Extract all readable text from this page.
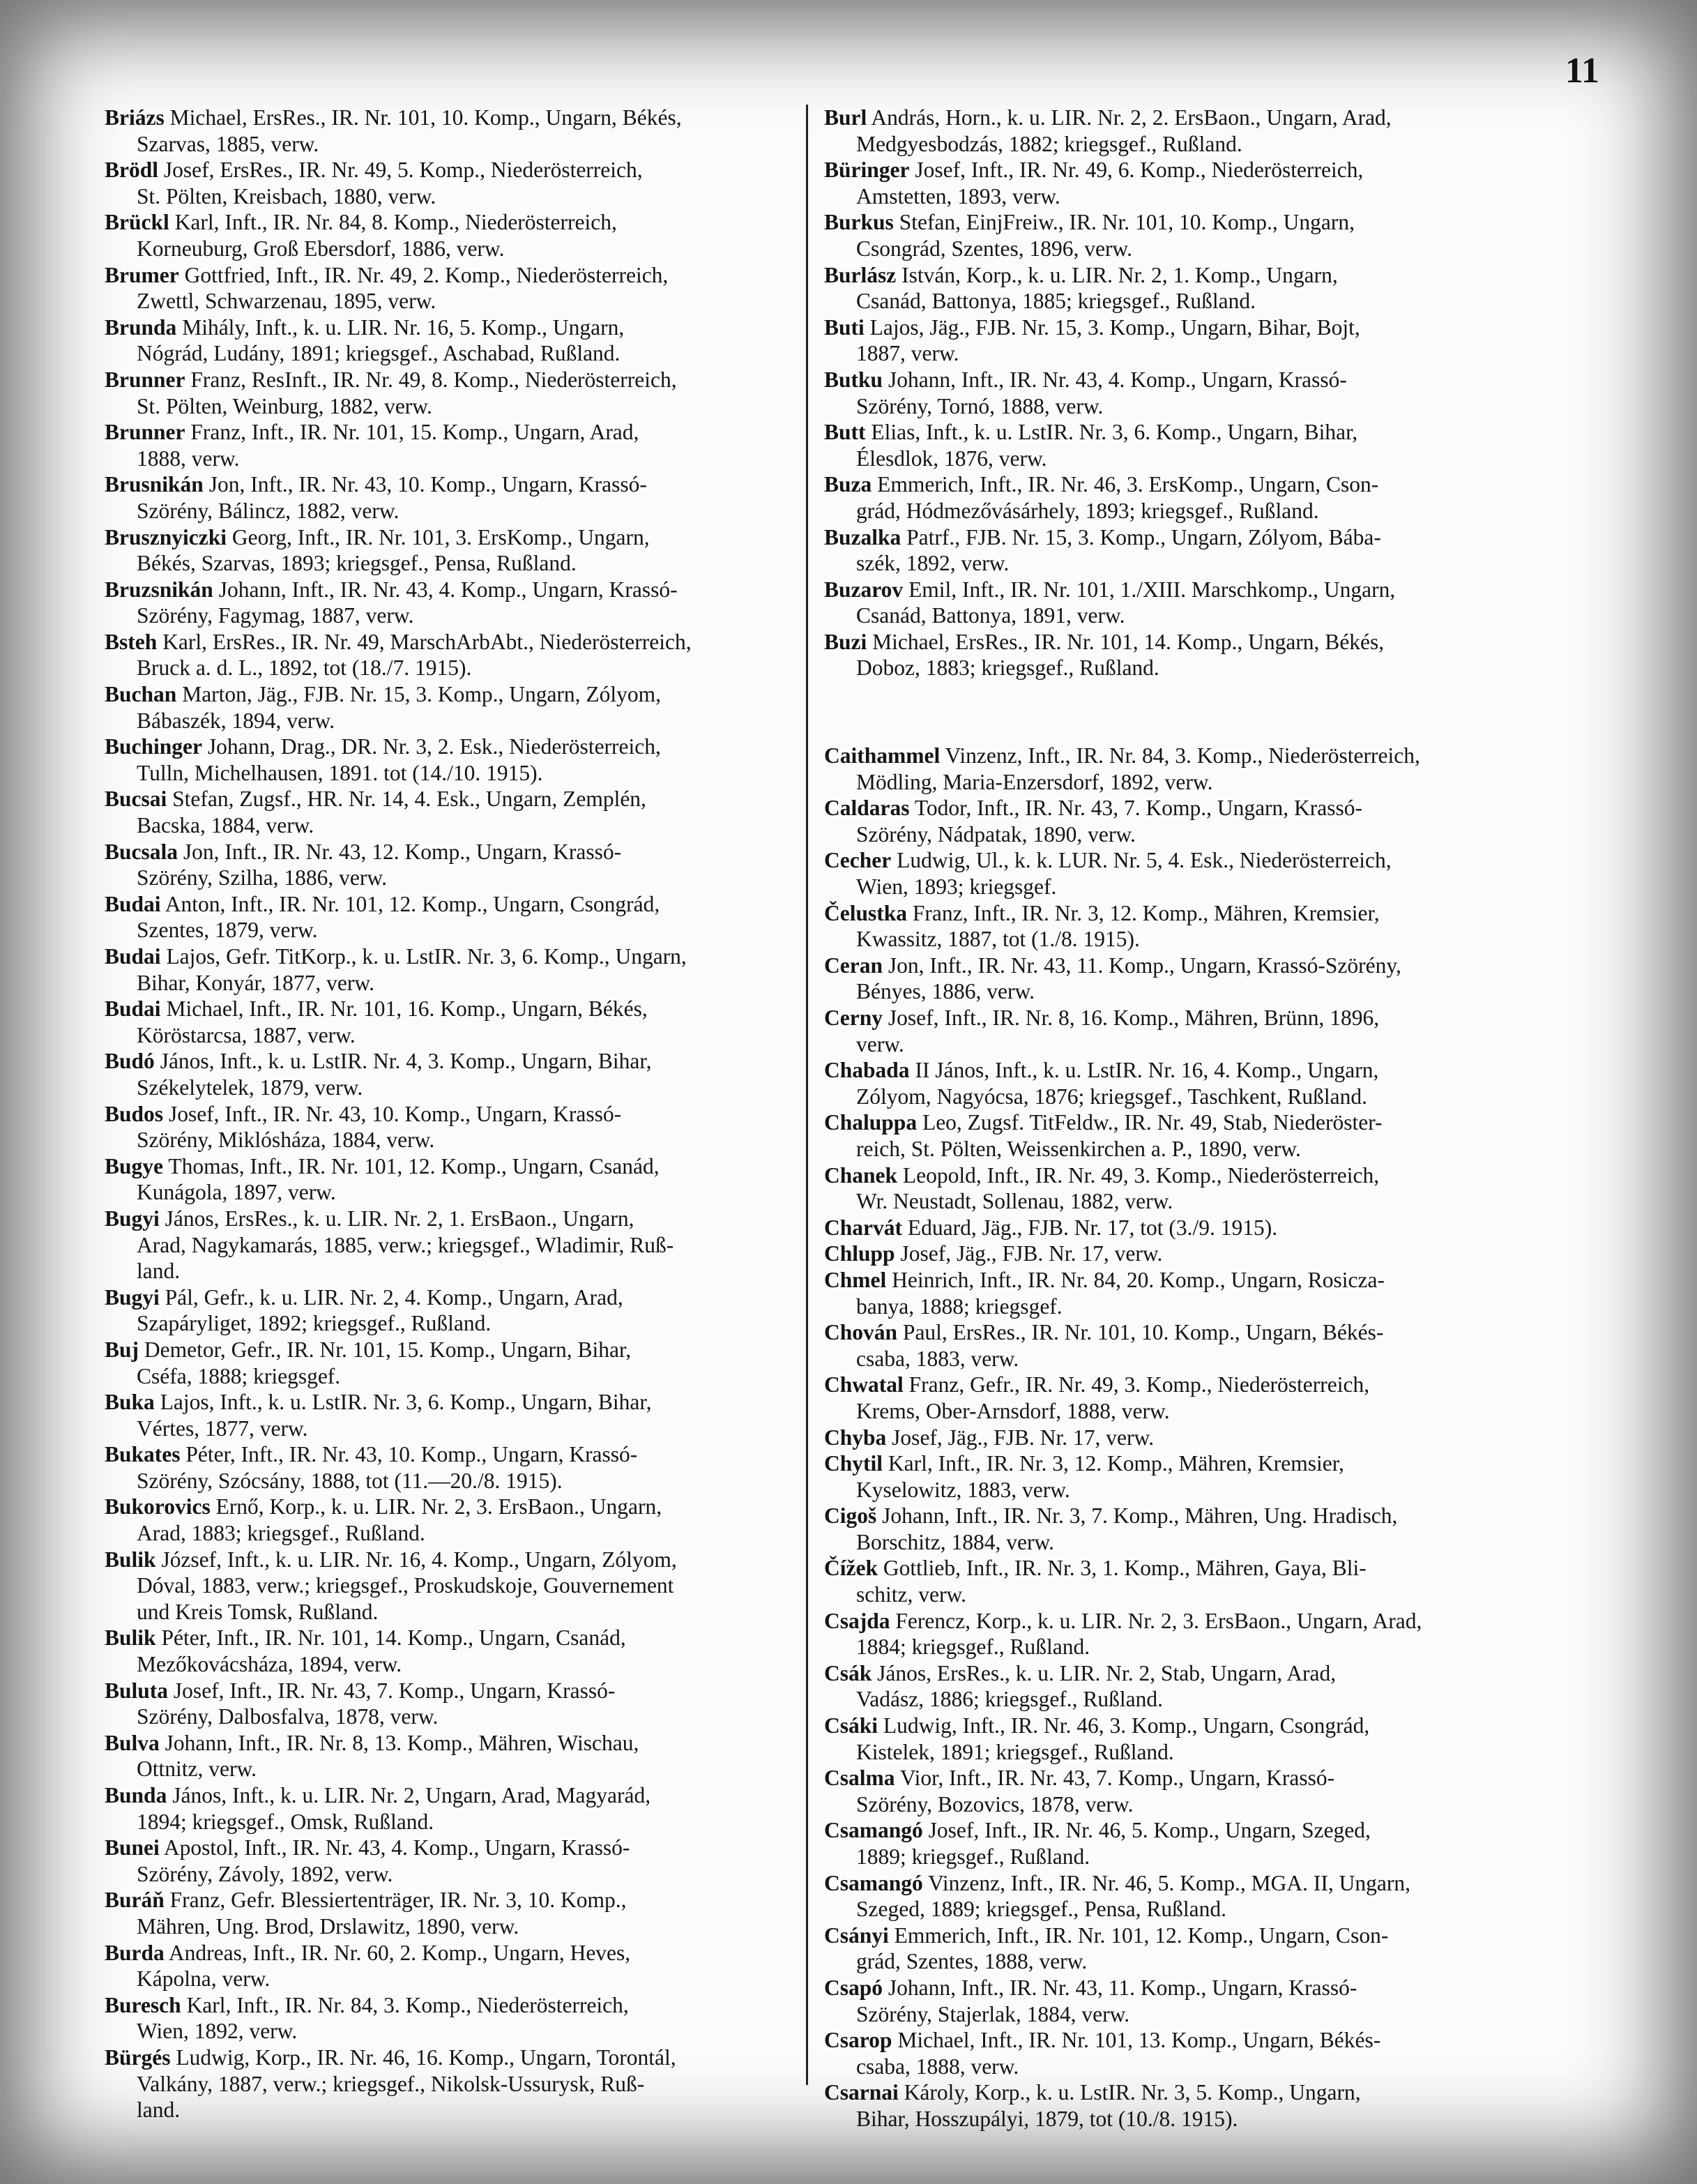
11
Briázs Michael, ErsRes., IR. Nr. 101, 10. Komp., Ungarn, Békés,
Szarvas, 1885, verw.
Brödl Josef, ErsRes., IR. Nr. 49, 5. Komp., Niederösterreich,
St. Pölten, Kreisbach, 1880, verw.
Brückl Karl, Inft., IR. Nr. 84, 8. Komp., Niederösterreich,
Korneuburg, Groß Ebersdorf, 1886, verw.
Brumer Gottfried, Inft., IR. Nr. 49, 2. Komp., Niederösterreich,
Zwettl, Schwarzenau, 1895, verw.
Brunda Mihály, Inft., k. u. LIR. Nr. 16, 5. Komp., Ungarn,
Nógrád, Ludány, 1891; kriegsgef., Aschabad, Rußland.
Brunner Franz, ResInft., IR. Nr. 49, 8. Komp., Niederösterreich,
St. Pölten, Weinburg, 1882, verw.
Brunner Franz, Inft., IR. Nr. 101, 15. Komp., Ungarn, Arad,
1888, verw.
Brusnikán Jon, Inft., IR. Nr. 43, 10. Komp., Ungarn, Krassó-
Szörény, Bálincz, 1882, verw.
Brusznyiczki Georg, Inft., IR. Nr. 101, 3. ErsKomp., Ungarn,
Békés, Szarvas, 1893; kriegsgef., Pensa, Rußland.
Bruzsnikán Johann, Inft., IR. Nr. 43, 4. Komp., Ungarn, Krassó-
Szörény, Fagymag, 1887, verw.
Bsteh Karl, ErsRes., IR. Nr. 49, MarschArbAbt., Niederösterreich,
Bruck a. d. L., 1892, tot (18./7. 1915).
Buchan Marton, Jäg., FJB. Nr. 15, 3. Komp., Ungarn, Zólyom,
Bábaszék, 1894, verw.
Buchinger Johann, Drag., DR. Nr. 3, 2. Esk., Niederösterreich,
Tulln, Michelhausen, 1891. tot (14./10. 1915).
Bucsai Stefan, Zugsf., HR. Nr. 14, 4. Esk., Ungarn, Zemplén,
Bacska, 1884, verw.
Bucsala Jon, Inft., IR. Nr. 43, 12. Komp., Ungarn, Krassó-
Szörény, Szilha, 1886, verw.
Budai Anton, Inft., IR. Nr. 101, 12. Komp., Ungarn, Csongrád,
Szentes, 1879, verw.
Budai Lajos, Gefr. TitKorp., k. u. LstIR. Nr. 3, 6. Komp., Ungarn,
Bihar, Konyár, 1877, verw.
Budai Michael, Inft., IR. Nr. 101, 16. Komp., Ungarn, Békés,
Köröstarcsa, 1887, verw.
Budó János, Inft., k. u. LstIR. Nr. 4, 3. Komp., Ungarn, Bihar,
Székelytelek, 1879, verw.
Budos Josef, Inft., IR. Nr. 43, 10. Komp., Ungarn, Krassó-
Szörény, Miklósháza, 1884, verw.
Bugye Thomas, Inft., IR. Nr. 101, 12. Komp., Ungarn, Csanád,
Kunágola, 1897, verw.
Bugyi János, ErsRes., k. u. LIR. Nr. 2, 1. ErsBaon., Ungarn,
Arad, Nagykamarás, 1885, verw.; kriegsgef., Wladimir, Ruß-
land.
Bugyi Pál, Gefr., k. u. LIR. Nr. 2, 4. Komp., Ungarn, Arad,
Szapáryliget, 1892; kriegsgef., Rußland.
Buj Demetor, Gefr., IR. Nr. 101, 15. Komp., Ungarn, Bihar,
Cséfa, 1888; kriegsgef.
Buka Lajos, Inft., k. u. LstIR. Nr. 3, 6. Komp., Ungarn, Bihar,
Vértes, 1877, verw.
Bukates Péter, Inft., IR. Nr. 43, 10. Komp., Ungarn, Krassó-
Szörény, Szócsány, 1888, tot (11.—20./8. 1915).
Bukorovics Ernő, Korp., k. u. LIR. Nr. 2, 3. ErsBaon., Ungarn,
Arad, 1883; kriegsgef., Rußland.
Bulik József, Inft., k. u. LIR. Nr. 16, 4. Komp., Ungarn, Zólyom,
Dóval, 1883, verw.; kriegsgef., Proskudskoje, Gouvernement
und Kreis Tomsk, Rußland.
Bulik Péter, Inft., IR. Nr. 101, 14. Komp., Ungarn, Csanád,
Mezőkovácsháza, 1894, verw.
Buluta Josef, Inft., IR. Nr. 43, 7. Komp., Ungarn, Krassó-
Szörény, Dalbosfalva, 1878, verw.
Bulva Johann, Inft., IR. Nr. 8, 13. Komp., Mähren, Wischau,
Ottnitz, verw.
Bunda János, Inft., k. u. LIR. Nr. 2, Ungarn, Arad, Magyarád,
1894; kriegsgef., Omsk, Rußland.
Bunei Apostol, Inft., IR. Nr. 43, 4. Komp., Ungarn, Krassó-
Szörény, Závoly, 1892, verw.
Buráň Franz, Gefr. Blessiertenträger, IR. Nr. 3, 10. Komp.,
Mähren, Ung. Brod, Drslawitz, 1890, verw.
Burda Andreas, Inft., IR. Nr. 60, 2. Komp., Ungarn, Heves,
Kápolna, verw.
Buresch Karl, Inft., IR. Nr. 84, 3. Komp., Niederösterreich,
Wien, 1892, verw.
Bürgés Ludwig, Korp., IR. Nr. 46, 16. Komp., Ungarn, Torontál,
Valkány, 1887, verw.; kriegsgef., Nikolsk-Ussurysk, Ruß-
land.
Burl András, Horn., k. u. LIR. Nr. 2, 2. ErsBaon., Ungarn, Arad,
Medgyesbodzás, 1882; kriegsgef., Rußland.
Büringer Josef, Inft., IR. Nr. 49, 6. Komp., Niederösterreich,
Amstetten, 1893, verw.
Burkus Stefan, EinjFreiw., IR. Nr. 101, 10. Komp., Ungarn,
Csongrád, Szentes, 1896, verw.
Burlász István, Korp., k. u. LIR. Nr. 2, 1. Komp., Ungarn,
Csanád, Battonya, 1885; kriegsgef., Rußland.
Buti Lajos, Jäg., FJB. Nr. 15, 3. Komp., Ungarn, Bihar, Bojt,
1887, verw.
Butku Johann, Inft., IR. Nr. 43, 4. Komp., Ungarn, Krassó-
Szörény, Tornó, 1888, verw.
Butt Elias, Inft., k. u. LstIR. Nr. 3, 6. Komp., Ungarn, Bihar,
Élesdlok, 1876, verw.
Buza Emmerich, Inft., IR. Nr. 46, 3. ErsKomp., Ungarn, Cson-
grád, Hódmezővásárhely, 1893; kriegsgef., Rußland.
Buzalka Patrf., FJB. Nr. 15, 3. Komp., Ungarn, Zólyom, Bába-
szék, 1892, verw.
Buzarov Emil, Inft., IR. Nr. 101, 1./XIII. Marschkomp., Ungarn,
Csanád, Battonya, 1891, verw.
Buzi Michael, ErsRes., IR. Nr. 101, 14. Komp., Ungarn, Békés,
Doboz, 1883; kriegsgef., Rußland.
Caithammel Vinzenz, Inft., IR. Nr. 84, 3. Komp., Niederösterreich,
Mödling, Maria-Enzersdorf, 1892, verw.
Caldaras Todor, Inft., IR. Nr. 43, 7. Komp., Ungarn, Krassó-
Szörény, Nádpatak, 1890, verw.
Cecher Ludwig, Ul., k. k. LUR. Nr. 5, 4. Esk., Niederösterreich,
Wien, 1893; kriegsgef.
Čelustka Franz, Inft., IR. Nr. 3, 12. Komp., Mähren, Kremsier,
Kwassitz, 1887, tot (1./8. 1915).
Ceran Jon, Inft., IR. Nr. 43, 11. Komp., Ungarn, Krassó-Szörény,
Bényes, 1886, verw.
Cerny Josef, Inft., IR. Nr. 8, 16. Komp., Mähren, Brünn, 1896,
verw.
Chabada II János, Inft., k. u. LstIR. Nr. 16, 4. Komp., Ungarn,
Zólyom, Nagyócsa, 1876; kriegsgef., Taschkent, Rußland.
Chaluppa Leo, Zugsf. TitFeldw., IR. Nr. 49, Stab, Niederöster-
reich, St. Pölten, Weissenkirchen a. P., 1890, verw.
Chanek Leopold, Inft., IR. Nr. 49, 3. Komp., Niederösterreich,
Wr. Neustadt, Sollenau, 1882, verw.
Charvát Eduard, Jäg., FJB. Nr. 17, tot (3./9. 1915).
Chlupp Josef, Jäg., FJB. Nr. 17, verw.
Chmel Heinrich, Inft., IR. Nr. 84, 20. Komp., Ungarn, Rosicza-
banya, 1888; kriegsgef.
Chován Paul, ErsRes., IR. Nr. 101, 10. Komp., Ungarn, Békés-
csaba, 1883, verw.
Chwatal Franz, Gefr., IR. Nr. 49, 3. Komp., Niederösterreich,
Krems, Ober-Arnsdorf, 1888, verw.
Chyba Josef, Jäg., FJB. Nr. 17, verw.
Chytil Karl, Inft., IR. Nr. 3, 12. Komp., Mähren, Kremsier,
Kyselowitz, 1883, verw.
Cigoš Johann, Inft., IR. Nr. 3, 7. Komp., Mähren, Ung. Hradisch,
Borschitz, 1884, verw.
Čížek Gottlieb, Inft., IR. Nr. 3, 1. Komp., Mähren, Gaya, Bli-
schitz, verw.
Csajda Ferencz, Korp., k. u. LIR. Nr. 2, 3. ErsBaon., Ungarn, Arad,
1884; kriegsgef., Rußland.
Csák János, ErsRes., k. u. LIR. Nr. 2, Stab, Ungarn, Arad,
Vadász, 1886; kriegsgef., Rußland.
Csáki Ludwig, Inft., IR. Nr. 46, 3. Komp., Ungarn, Csongrád,
Kistelek, 1891; kriegsgef., Rußland.
Csalma Vior, Inft., IR. Nr. 43, 7. Komp., Ungarn, Krassó-
Szörény, Bozovics, 1878, verw.
Csamangó Josef, Inft., IR. Nr. 46, 5. Komp., Ungarn, Szeged,
1889; kriegsgef., Rußland.
Csamangó Vinzenz, Inft., IR. Nr. 46, 5. Komp., MGA. II, Ungarn,
Szeged, 1889; kriegsgef., Pensa, Rußland.
Csányi Emmerich, Inft., IR. Nr. 101, 12. Komp., Ungarn, Cson-
grád, Szentes, 1888, verw.
Csapó Johann, Inft., IR. Nr. 43, 11. Komp., Ungarn, Krassó-
Szörény, Stajerlak, 1884, verw.
Csarop Michael, Inft., IR. Nr. 101, 13. Komp., Ungarn, Békés-
csaba, 1888, verw.
Csarnai Károly, Korp., k. u. LstIR. Nr. 3, 5. Komp., Ungarn,
Bihar, Hosszupályi, 1879, tot (10./8. 1915).
